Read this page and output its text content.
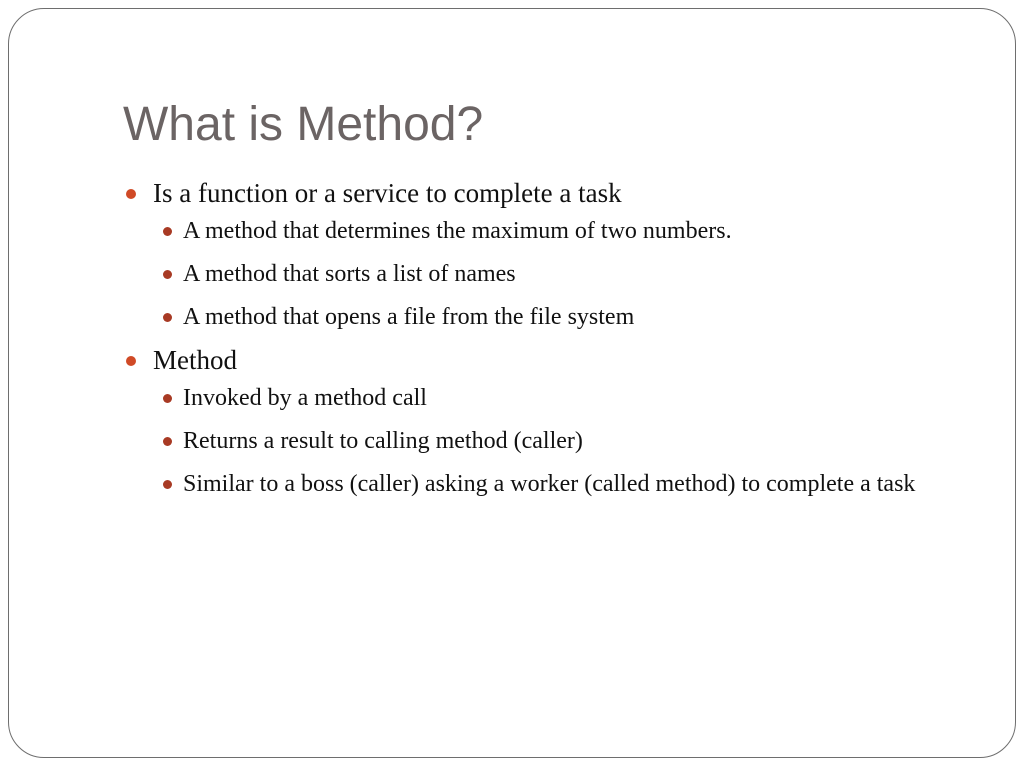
What is Method?
Is a function or a service to complete a task
A method that determines the maximum of two numbers.
A method that sorts a list of names
A method that opens a file from the file system
Method
Invoked by a method call
Returns a result to calling method (caller)
Similar to a boss (caller) asking a worker (called method) to complete a task
